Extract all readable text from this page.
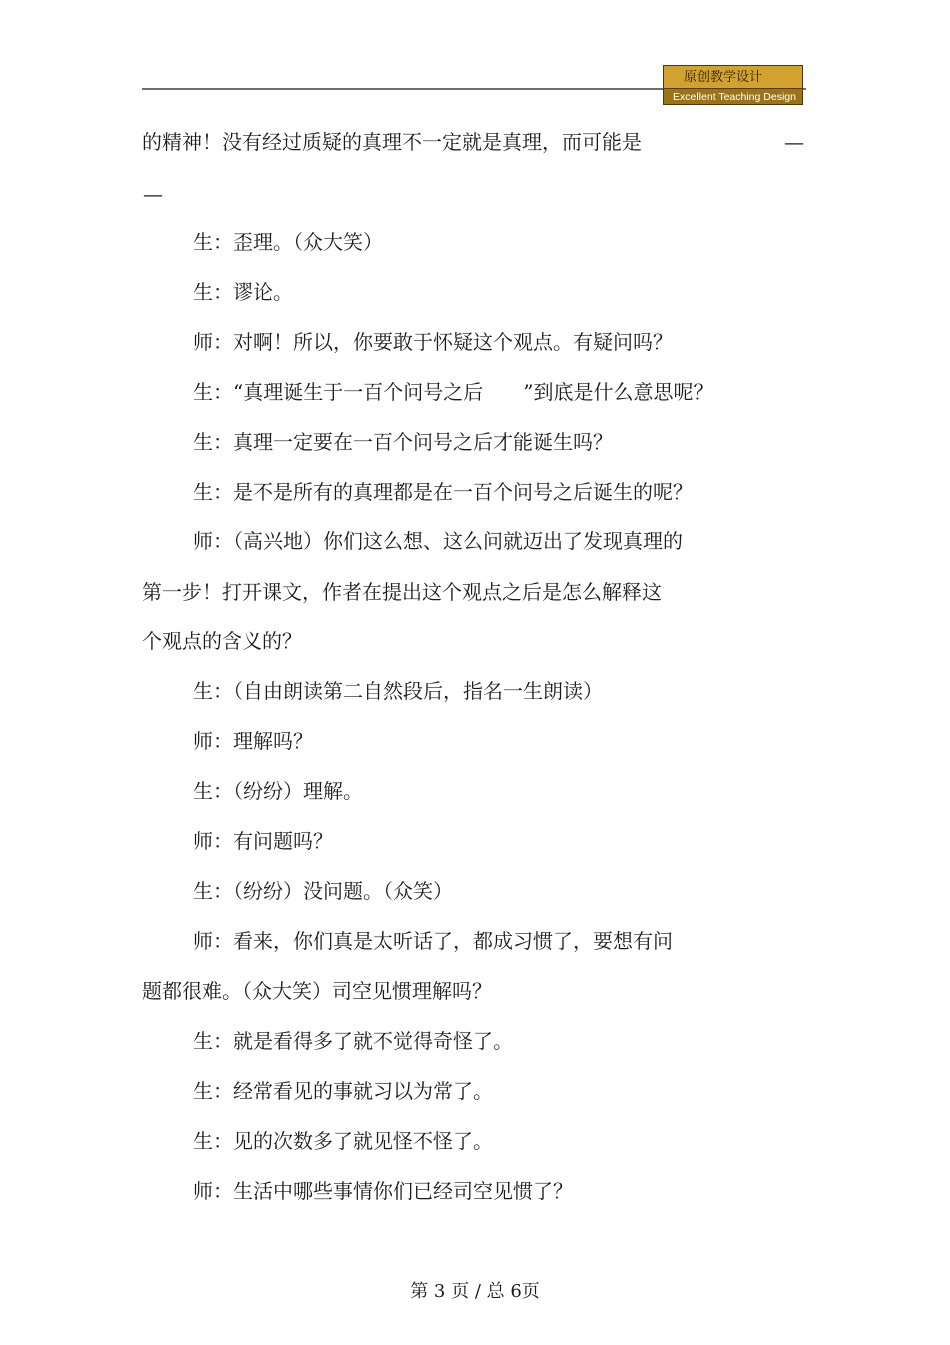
原创教学设计
Excellent Teaching Design
的精神！没有经过质疑的真理不一定就是真理，而可能是	—
—
生：歪理。（众大笑）
生：谬论。
师：对啊！所以，你要敢于怀疑这个观点。有疑问吗？
生：“真理诞生于一百个问号之后　　”到底是什么意思呢？
生：真理一定要在一百个问号之后才能诞生吗？
生：是不是所有的真理都是在一百个问号之后诞生的呢？
师：（高兴地）你们这么想、这么问就迈出了发现真理的
第一步！打开课文，作者在提出这个观点之后是怎么解释这
个观点的含义的？
生：（自由朗读第二自然段后，指名一生朗读）
师：理解吗？
生：（纷纷）理解。
师：有问题吗？
生：（纷纷）没问题。（众笑）
师：看来，你们真是太听话了，都成习惯了，要想有问
题都很难。（众大笑）司空见惯理解吗？
生：就是看得多了就不觉得奇怪了。
生：经常看见的事就习以为常了。
生：见的次数多了就见怪不怪了。
师：生活中哪些事情你们已经司空见惯了？
第 3 页 / 总 6页
